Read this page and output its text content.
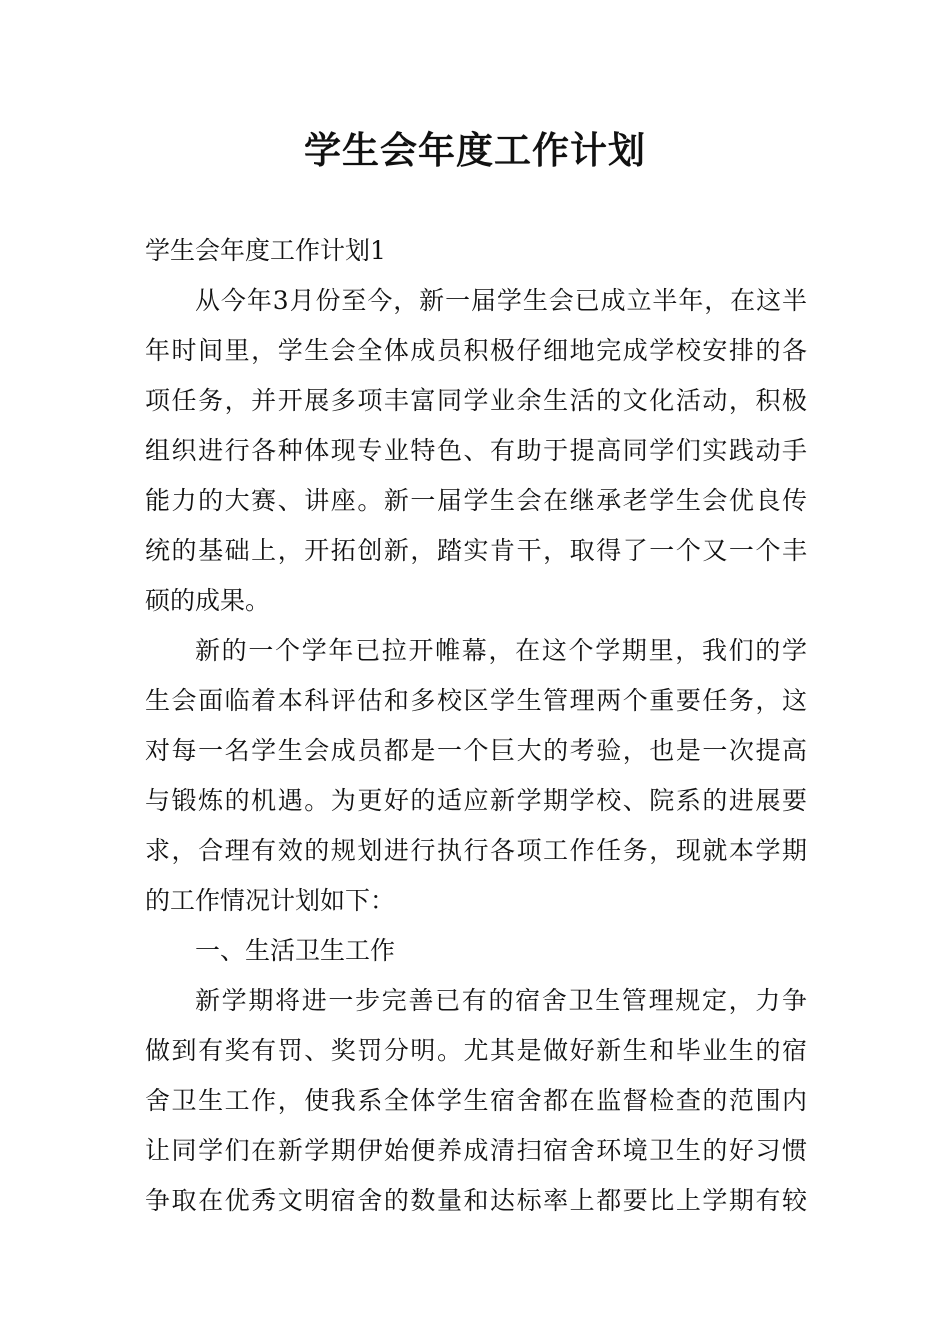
学生会年度工作计划
学生会年度工作计划1
从今年3月份至今，新一届学生会已成立半年，在这半
年时间里，学生会全体成员积极仔细地完成学校安排的各
项任务，并开展多项丰富同学业余生活的文化活动，积极
组织进行各种体现专业特色、有助于提高同学们实践动手
能力的大赛、讲座。新一届学生会在继承老学生会优良传
统的基础上，开拓创新，踏实肯干，取得了一个又一个丰
硕的成果。
新的一个学年已拉开帷幕，在这个学期里，我们的学
生会面临着本科评估和多校区学生管理两个重要任务，这
对每一名学生会成员都是一个巨大的考验，也是一次提高
与锻炼的机遇。为更好的适应新学期学校、院系的进展要
求，合理有效的规划进行执行各项工作任务，现就本学期
的工作情况计划如下：
一、生活卫生工作
新学期将进一步完善已有的宿舍卫生管理规定，力争
做到有奖有罚、奖罚分明。尤其是做好新生和毕业生的宿
舍卫生工作，使我系全体学生宿舍都在监督检查的范围内
让同学们在新学期伊始便养成清扫宿舍环境卫生的好习惯
争取在优秀文明宿舍的数量和达标率上都要比上学期有较
